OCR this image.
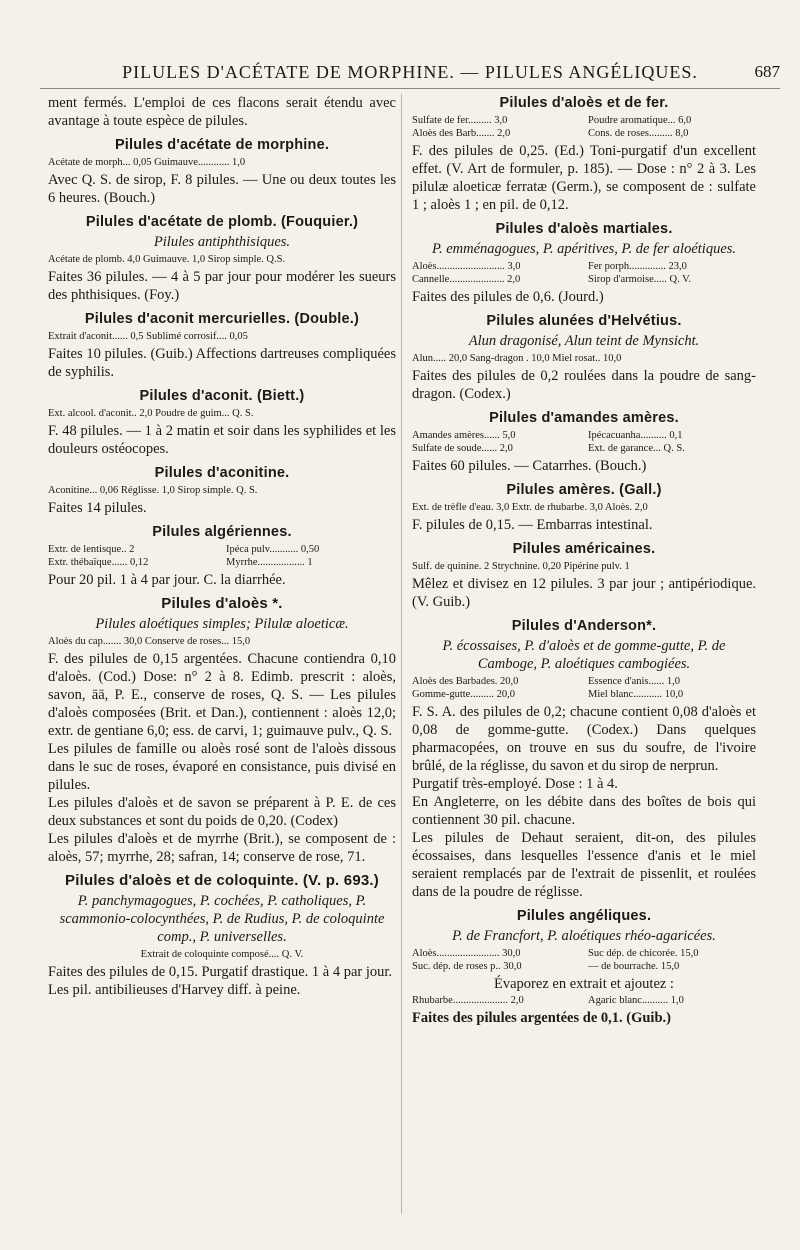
PILULES D'ACÉTATE DE MORPHINE. — PILULES ANGÉLIQUES.	687

ment fermés. L'emploi de ces flacons serait étendu avec avantage à toute espèce de pilules.

Pilules d'acétate de morphine.
Acétate de morph... 0,05 Guimauve............ 1,0

Avec Q. S. de sirop, F. 8 pilules. — Une ou deux toutes les 6 heures. (Bouch.)

Pilules d'acétate de plomb. (Fouquier.)
Pilules antiphthisiques.
Acétate de plomb. 4,0 Guimauve. 1,0 Sirop simple. Q.S.

Faites 36 pilules. — 4 à 5 par jour pour modérer les sueurs des phthisiques. (Foy.)

Pilules d'aconit mercurielles. (Double.)
Extrait d'aconit...... 0,5 Sublimé corrosif.... 0,05

Faites 10 pilules. (Guib.) Affections dartreuses compliquées de syphilis.

Pilules d'aconit. (Biett.)
Ext. alcool. d'aconit.. 2,0 Poudre de guim... Q. S.

F. 48 pilules. — 1 à 2 matin et soir dans les syphilides et les douleurs ostéocopes.

Pilules d'aconitine.
Aconitine... 0,06 Réglisse. 1,0 Sirop simple. Q. S.

Faites 14 pilules.

Pilules algériennes.
Extr. de lentisque.. 2	Ipéca pulv........... 0,50
Extr. thébaïque...... 0,12	Myrrhe.................. 1

Pour 20 pil. 1 à 4 par jour. C. la diarrhée.

Pilules d'aloès *.
Pilules aloétiques simples; Pilulæ aloeticæ.
Aloès du cap....... 30,0 Conserve de roses... 15,0

F. des pilules de 0,15 argentées. Chacune contiendra 0,10 d'aloès. (Cod.) Dose: n° 2 à 8. Edimb. prescrit : aloès, savon, āā, P. E., conserve de roses, Q. S. — Les pilules d'aloès composées (Brit. et Dan.), contiennent : aloès 12,0; extr. de gentiane 6,0; ess. de carvi, 1; guimauve pulv., Q. S.

Les pilules de famille ou aloès rosé sont de l'aloès dissous dans le suc de roses, évaporé en consistance, puis divisé en pilules.

Les pilules d'aloès et de savon se préparent à P. E. de ces deux substances et sont du poids de 0,20. (Codex)

Les pilules d'aloès et de myrrhe (Brit.), se composent de : aloès, 57; myrrhe, 28; safran, 14; conserve de rose, 71.

Pilules d'aloès et de coloquinte. (V. p. 693.)
P. panchymagogues, P. cochées, P. catholiques, P. scammonio-colocynthées, P. de Rudius, P. de coloquinte comp., P. universelles.
Extrait de coloquinte composé.... Q. V.

Faites des pilules de 0,15. Purgatif drastique. 1 à 4 par jour.

Les pil. antibilieuses d'Harvey diff. à peine.

Pilules d'aloès et de fer.
Sulfate de fer......... 3,0	Poudre aromatique... 6,0
Aloès des Barb....... 2,0	Cons. de roses......... 8,0

F. des pilules de 0,25. (Ed.) Toni-purgatif d'un excellent effet. (V. Art de formuler, p. 185). — Dose : n° 2 à 3. Les pilulæ aloeticæ ferratæ (Germ.), se composent de : sulfate 1 ; aloès 1 ; en pil. de 0,12.

Pilules d'aloès martiales.
P. emménagogues, P. apéritives, P. de fer aloétiques.
Aloès.......................... 3,0	Fer porph.............. 23,0
Cannelle..................... 2,0	Sirop d'armoise..... Q. V.

Faites des pilules de 0,6. (Jourd.)

Pilules alunées d'Helvétius.
Alun dragonisé, Alun teint de Mynsicht.
Alun..... 20,0 Sang-dragon . 10,0 Miel rosat.. 10,0

Faites des pilules de 0,2 roulées dans la poudre de sang-dragon. (Codex.)

Pilules d'amandes amères.
Amandes amères...... 5,0	Ipécacuanha.......... 0,1
Sulfate de soude...... 2,0	Ext. de garance... Q. S.

Faites 60 pilules. — Catarrhes. (Bouch.)

Pilules amères. (Gall.)
Ext. de trèfle d'eau. 3,0 Extr. de rhubarbe. 3,0 Aloès. 2,0

F. pilules de 0,15. — Embarras intestinal.

Pilules américaines.
Sulf. de quinine. 2 Strychnine. 0,20 Pipérine pulv. 1

Mêlez et divisez en 12 pilules. 3 par jour ; antipériodique. (V. Guib.)

Pilules d'Anderson*.
P. écossaises, P. d'aloès et de gomme-gutte, P. de Camboge, P. aloétiques cambogiées.
Aloès des Barbades. 20,0	Essence d'anis...... 1,0
Gomme-gutte......... 20,0	Miel blanc........... 10,0

F. S. A. des pilules de 0,2; chacune contient 0,08 d'aloès et 0,08 de gomme-gutte. (Codex.) Dans quelques pharmacopées, on trouve en sus du soufre, de l'ivoire brûlé, de la réglisse, du savon et du sirop de nerprun.

Purgatif très-employé. Dose : 1 à 4.

En Angleterre, on les débite dans des boîtes de bois qui contiennent 30 pil. chacune.

Les pilules de Dehaut seraient, dit-on, des pilules écossaises, dans lesquelles l'essence d'anis et le miel seraient remplacés par de l'extrait de pissenlit, et roulées dans de la poudre de réglisse.

Pilules angéliques.
P. de Francfort, P. aloétiques rhéo-agaricées.
Aloès........................ 30,0	Suc dép. de chicorée. 15,0
Suc. dép. de roses p.. 30,0	— de bourrache. 15,0

Évaporez en extrait et ajoutez :

Rhubarbe..................... 2,0	Agaric blanc.......... 1,0

Faites des pilules argentées de 0,1. (Guib.)
